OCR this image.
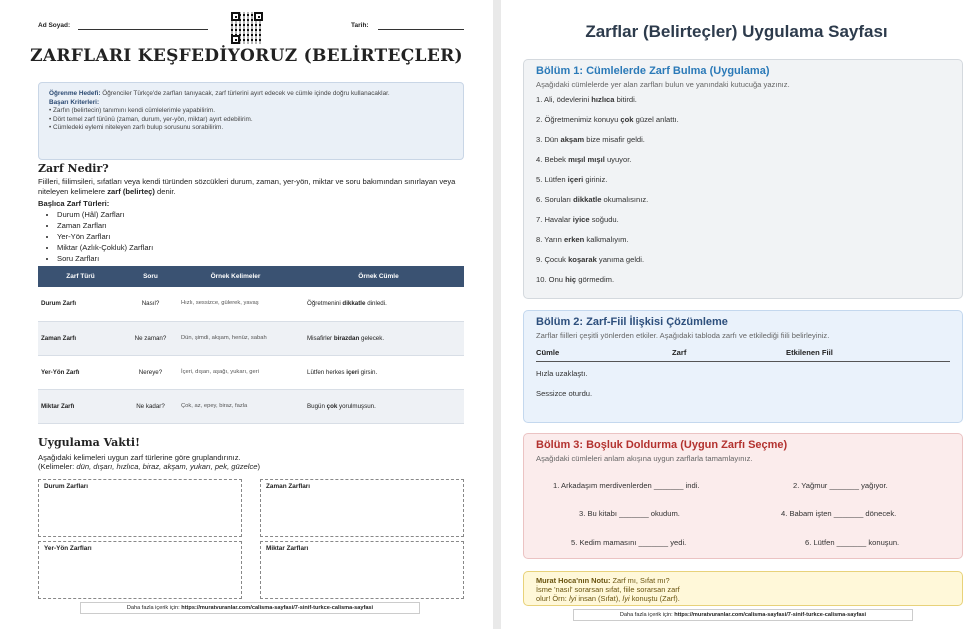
Ad Soyad:	Tarih:
ZARFLARI KEŞFEDİYORUZ (BELİRTEÇLER)
Öğrenme Hedefi: Öğrenciler Türkçe'de zarfları tanıyacak, zarf türlerini ayırt edecek ve cümle içinde doğru kullanacaklar.
Başarı Kriterleri:
• Zarfın (belirtecin) tanımını kendi cümlelerimle yapabilirim.
• Dört temel zarf türünü (zaman, durum, yer-yön, miktar) ayırt edebilirim.
• Cümledeki eylemi niteleyen zarfı bulup sorusunu sorabilirim.
Zarf Nedir?
Fiilleri, fiilimsileri, sıfatları veya kendi türünden sözcükleri durum, zaman, yer-yön, miktar ve soru bakımından sınırlayan veya niteleyen kelimelere zarf (belirteç) denir.
Başlıca Zarf Türleri:
• Durum (Hâl) Zarfları
• Zaman Zarfları
• Yer-Yön Zarfları
• Miktar (Azlık-Çokluk) Zarfları
• Soru Zarfları
Zarf Türü	Soru	Örnek Kelimeler	Örnek Cümle
Durum Zarfı	Nasıl?	Hızlı, sessizce, gülerek, yavaş	Öğretmenini dikkatle dinledi.
Zaman Zarfı	Ne zaman?	Dün, şimdi, akşam, henüz, sabah	Misafirler birazdan gelecek.
Yer-Yön Zarfı	Nereye?	İçeri, dışarı, aşağı, yukarı, geri	Lütfen herkes içeri girsin.
Miktar Zarfı	Ne kadar?	Çok, az, epey, biraz, fazla	Bugün çok yorulmuşsun.
Uygulama Vakti!
Aşağıdaki kelimeleri uygun zarf türlerine göre gruplandırınız.
(Kelimeler: dün, dışarı, hızlıca, biraz, akşam, yukarı, pek, güzelce)
Durum Zarfları	Zaman Zarfları
Yer-Yön Zarfları	Miktar Zarfları
Daha fazla içerik için: https://muratvuranlar.com/calisma-sayfasi/7-sinif-turkce-calisma-sayfasi
Zarflar (Belirteçler) Uygulama Sayfası
Bölüm 1: Cümlelerde Zarf Bulma (Uygulama)
Aşağıdaki cümlelerde yer alan zarfları bulun ve yanındaki kutucuğa yazınız.
1. Ali, ödevlerini hızlıca bitirdi.
2. Öğretmenimiz konuyu çok güzel anlattı.
3. Dün akşam bize misafir geldi.
4. Bebek mışıl mışıl uyuyor.
5. Lütfen içeri giriniz.
6. Soruları dikkatle okumalısınız.
7. Havalar iyice soğudu.
8. Yarın erken kalkmalıyım.
9. Çocuk koşarak yanıma geldi.
10. Onu hiç görmedim.
Bölüm 2: Zarf-Fiil İlişkisi Çözümleme
Zarflar fiilleri çeşitli yönlerden etkiler. Aşağıdaki tabloda zarfı ve etkilediği fiili belirleyiniz.
Cümle	Zarf	Etkilenen Fiil
Hızla uzaklaştı.
Sessizce oturdu.
Bölüm 3: Boşluk Doldurma (Uygun Zarfı Seçme)
Aşağıdaki cümleleri anlam akışına uygun zarflarla tamamlayınız.
1. Arkadaşım merdivenlerden _______ indi.	2. Yağmur _______ yağıyor.
3. Bu kitabı _______ okudum.	4. Babam işten _______ dönecek.
5. Kedim mamasını _______ yedi.	6. Lütfen _______ konuşun.
Murat Hoca'nın Notu: Zarf mı, Sıfat mı?
İsme 'nasıl' sorarsan sıfat, fiile sorarsan zarf
olur! Örn: İyi insan (Sıfat), İyi konuştu (Zarf).
Daha fazla içerik için: https://muratvuranlar.com/calisma-sayfasi/7-sinif-turkce-calisma-sayfasi
